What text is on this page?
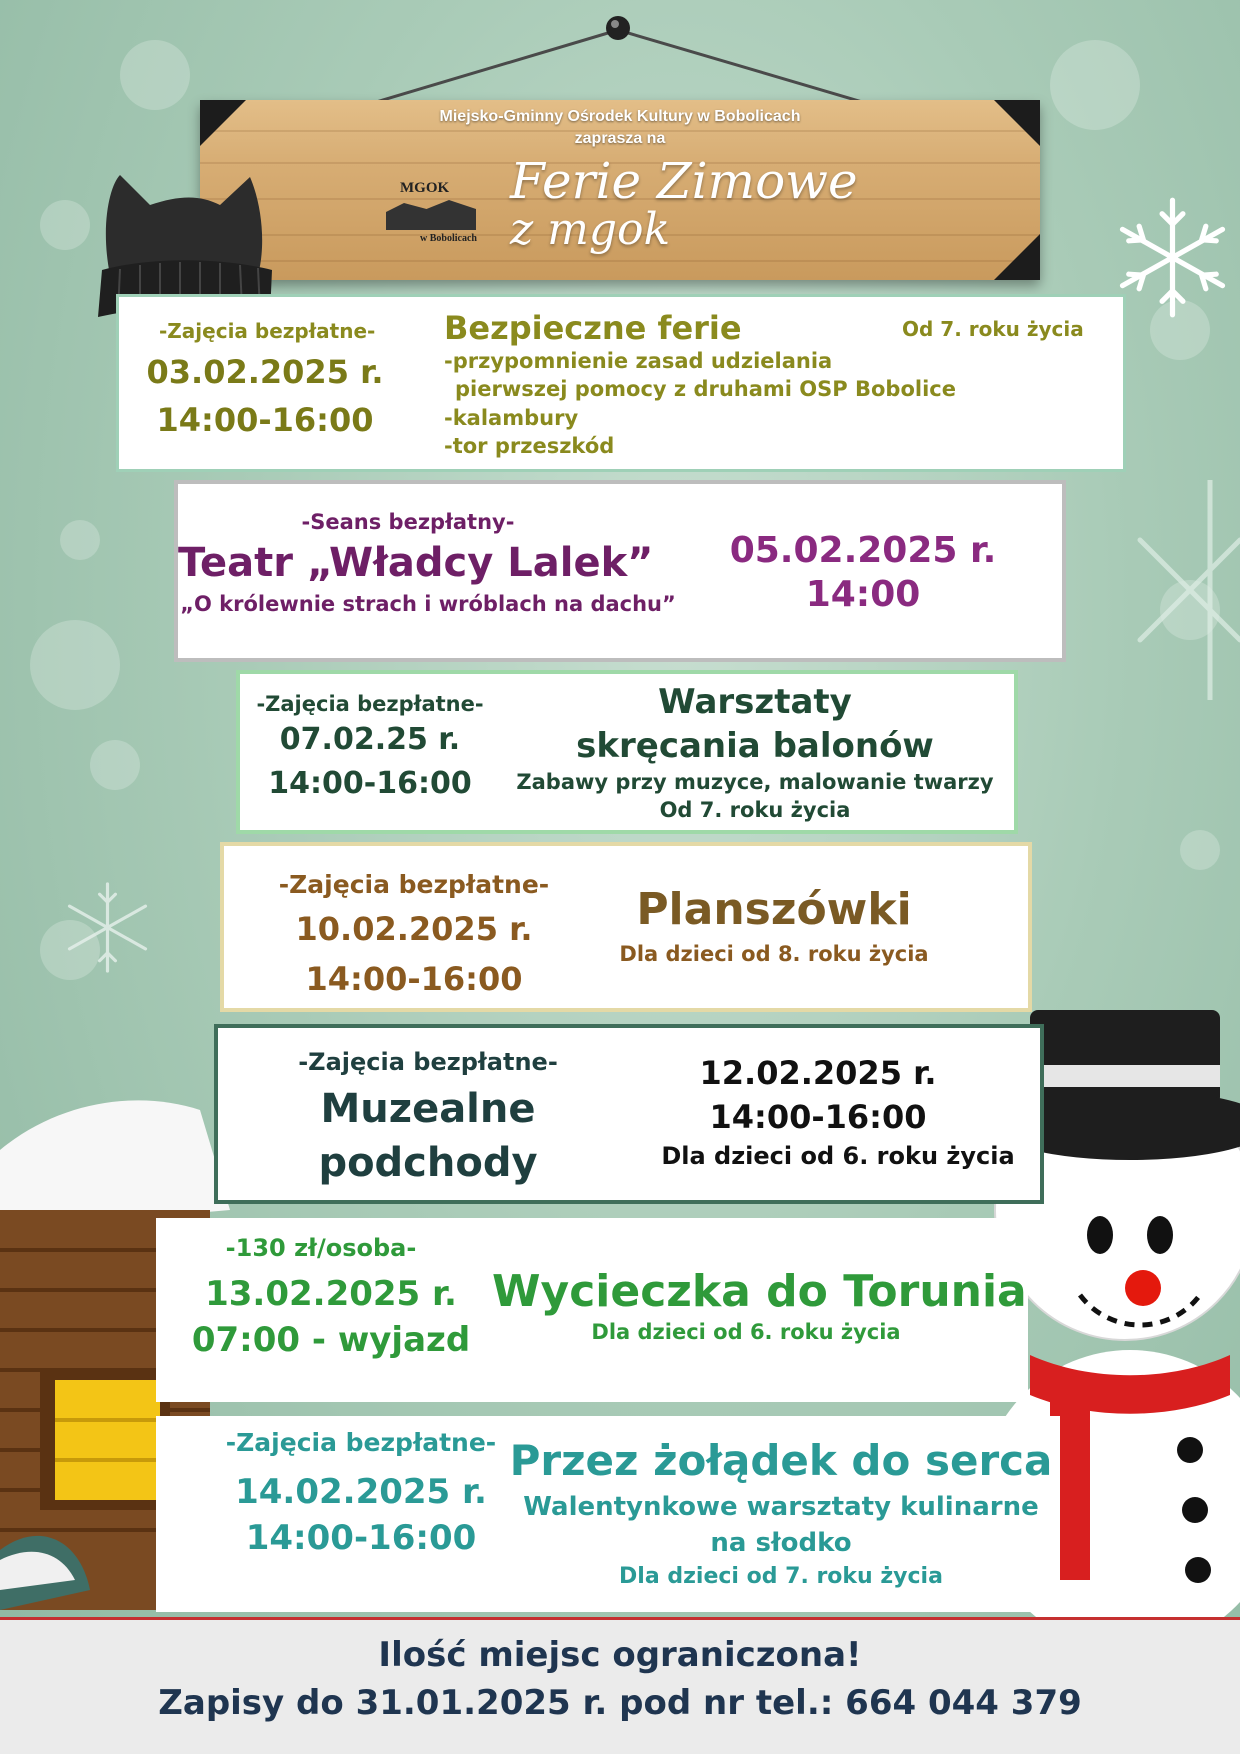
Miejsko-Gminny Ośrodek Kultury w Bobolicach
zaprasza na
MGOK
w Bobolicach
Ferie Zimowe
z mgok
-Zajęcia bezpłatne-
03.02.2025 r.
14:00-16:00
Bezpieczne ferie	Od 7. roku życia
-przypomnienie zasad udzielania
pierwszej pomocy z druhami OSP Bobolice
-kalambury
-tor przeszkód
-Seans bezpłatny-
Teatr „Władcy Lalek”
„O królewnie strach i wróblach na dachu”
05.02.2025 r.
14:00
-Zajęcia bezpłatne-
07.02.25 r.
14:00-16:00
Warsztaty
skręcania balonów
Zabawy przy muzyce, malowanie twarzy
Od 7. roku życia
-Zajęcia bezpłatne-
10.02.2025 r.
14:00-16:00
Planszówki
Dla dzieci od 8. roku życia
-Zajęcia bezpłatne-
Muzealne
podchody
12.02.2025 r.
14:00-16:00
Dla dzieci od 6. roku życia
-130 zł/osoba-
13.02.2025 r.
07:00 - wyjazd
Wycieczka do Torunia
Dla dzieci od 6. roku życia
-Zajęcia bezpłatne-
14.02.2025 r.
14:00-16:00
Przez żołądek do serca
Walentynkowe warsztaty kulinarne
na słodko
Dla dzieci od 7. roku życia
Ilość miejsc ograniczona!
Zapisy do 31.01.2025 r. pod nr tel.: 664 044 379
